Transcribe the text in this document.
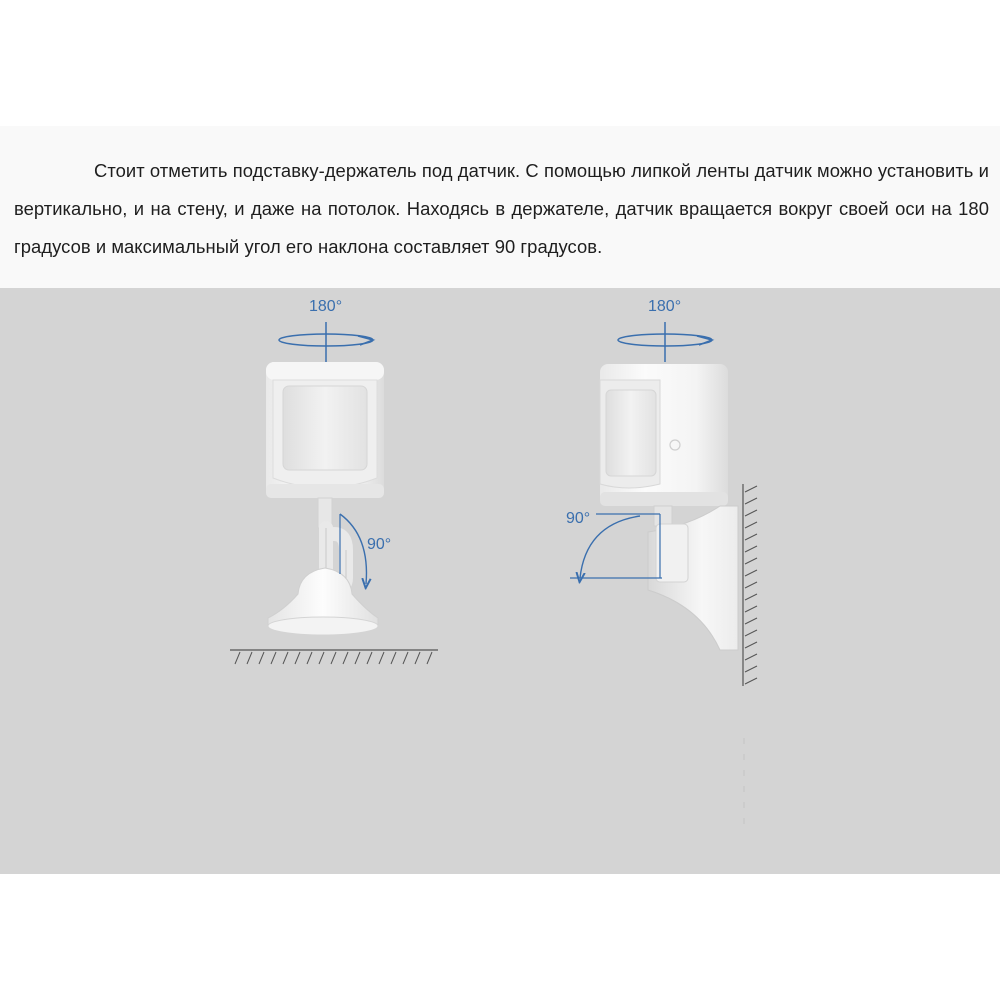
Стоит отметить подставку-держатель под датчик. С помощью липкой ленты датчик можно установить и вертикально, и на стену, и даже на потолок. Находясь в держателе, датчик вращается вокруг своей оси на 180 градусов и максимальный угол его наклона составляет 90 градусов.

180°
90°
180°
90°
